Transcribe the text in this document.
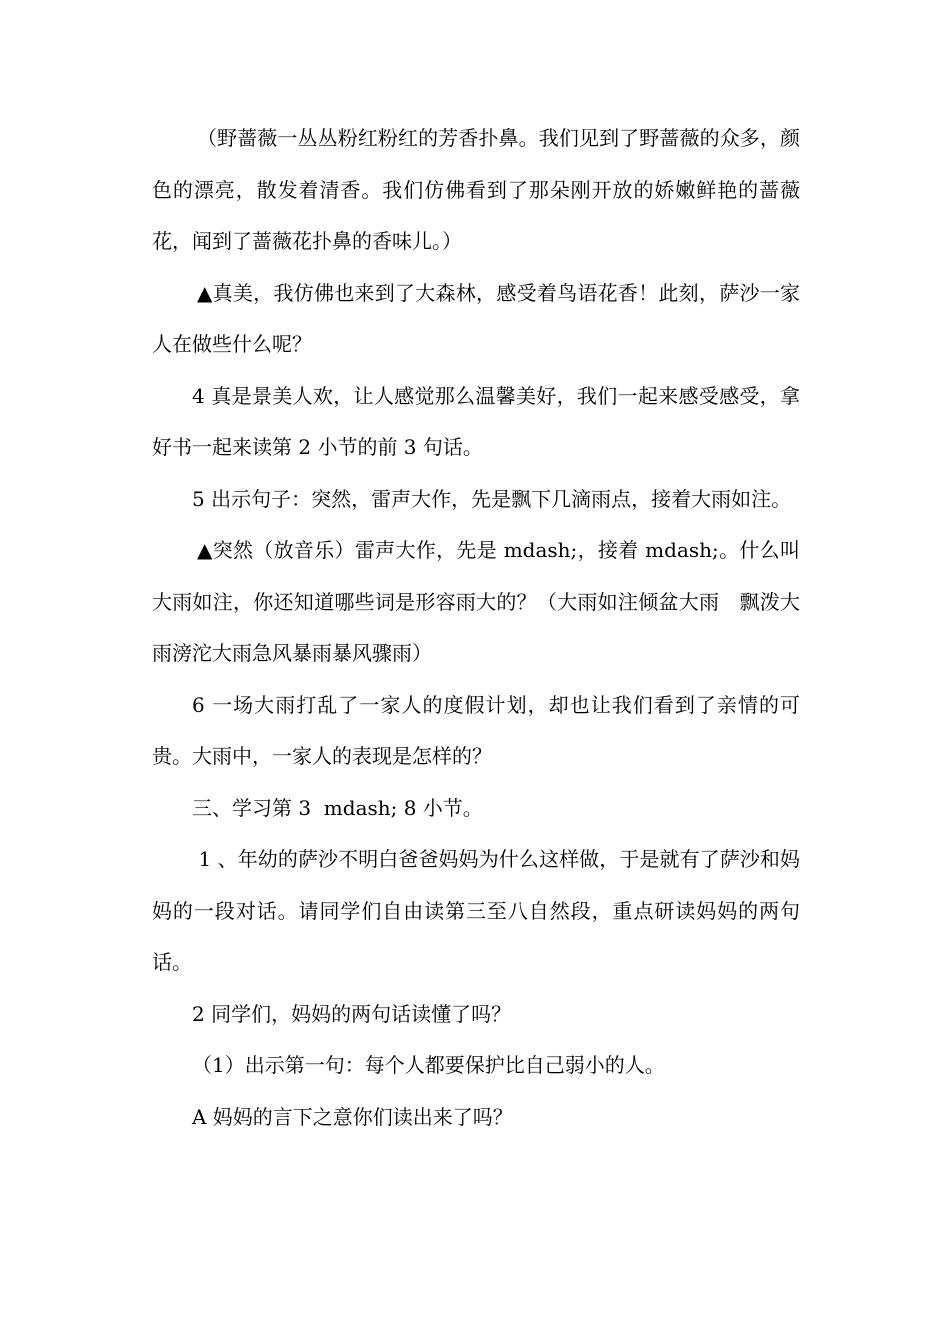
（野蔷薇一丛丛粉红粉红的芳香扑鼻。我们见到了野蔷薇的众多，颜色的漂亮，散发着清香。我们仿佛看到了那朵刚开放的娇嫩鲜艳的蔷薇花，闻到了蔷薇花扑鼻的香味儿。）

▲真美，我仿佛也来到了大森林，感受着鸟语花香！此刻，萨沙一家人在做些什么呢？

4 真是景美人欢，让人感觉那么温馨美好，我们一起来感受感受，拿好书一起来读第 2 小节的前 3 句话。

5 出示句子：突然，雷声大作，先是飘下几滴雨点，接着大雨如注。

▲突然（放音乐）雷声大作，先是 mdash;，接着 mdash;。什么叫大雨如注，你还知道哪些词是形容雨大的？（大雨如注倾盆大雨　飘泼大雨滂沱大雨急风暴雨暴风骤雨）

6 一场大雨打乱了一家人的度假计划，却也让我们看到了亲情的可贵。大雨中，一家人的表现是怎样的？

三、学习第 3  mdash; 8 小节。

1 、年幼的萨沙不明白爸爸妈妈为什么这样做，于是就有了萨沙和妈妈的一段对话。请同学们自由读第三至八自然段，重点研读妈妈的两句话。

2 同学们，妈妈的两句话读懂了吗？

（1）出示第一句：每个人都要保护比自己弱小的人。

A 妈妈的言下之意你们读出来了吗？
